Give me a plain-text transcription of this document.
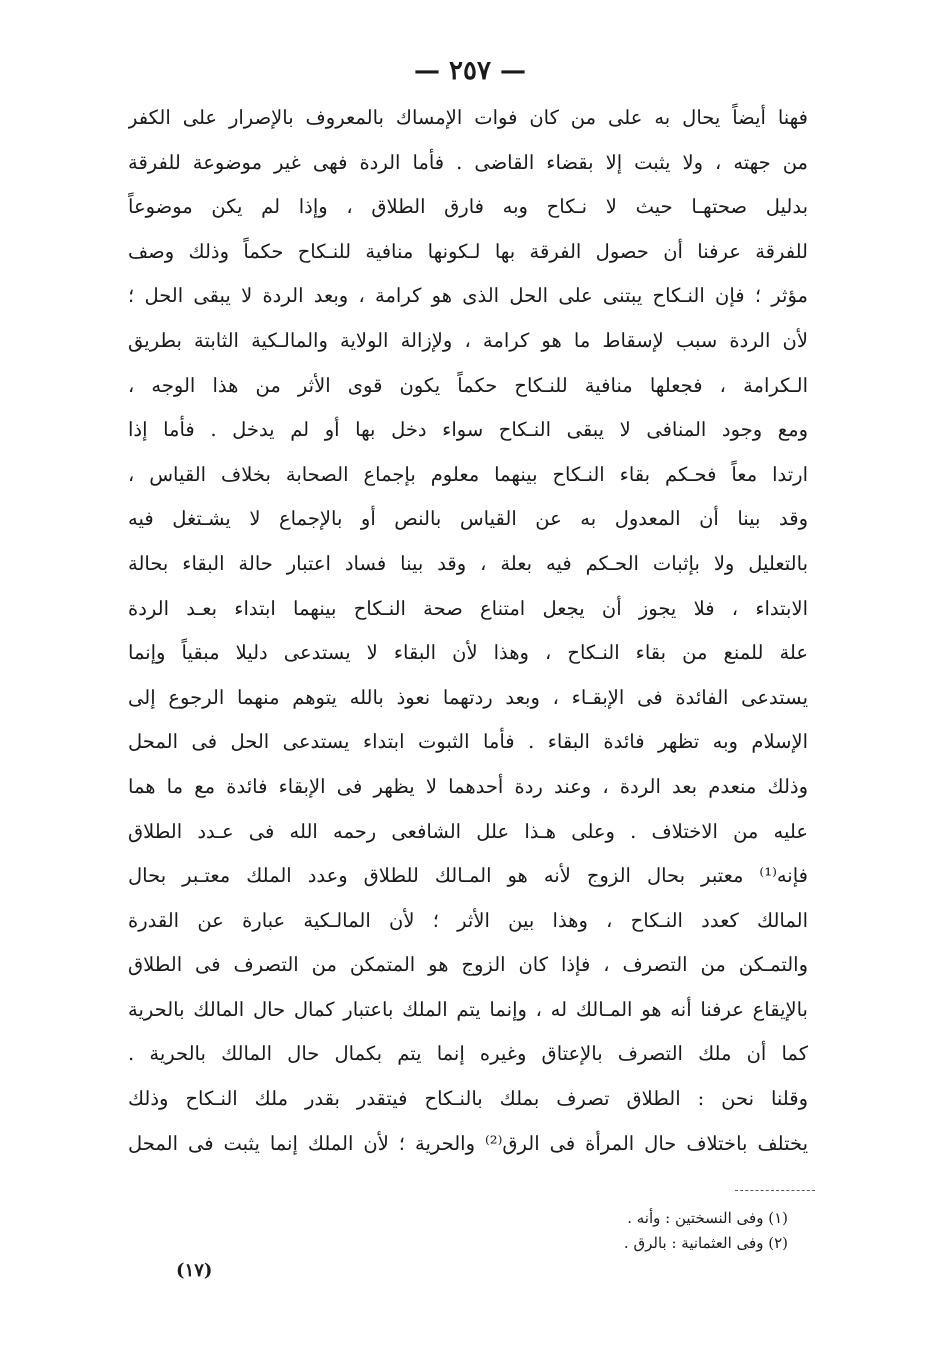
— ٢٥٧ —
فهنا أيضاً يحال به على من كان فوات الإمساك بالمعروف بالإصرار على الكفر
من جهته ، ولا يثبت إلا بقضاء القاضى . فأما الردة فهى غير موضوعة للفرقة
بدليل صحتهـا حيث لا نـكاح وبه فارق الطلاق ، وإذا لم يكن موضوعاً
للفرقة عرفنا أن حصول الفرقة بها لـكونها منافية للنـكاح حكماً وذلك وصف
مؤثر ؛ فإن النـكاح يبتنى على الحل الذى هو كرامة ، وبعد الردة لا يبقى الحل ؛
لأن الردة سبب لإسقاط ما هو كرامة ، ولإزالة الولاية والمالـكية الثابتة بطريق
الـكرامة ، فجعلها منافية للنـكاح حكماً يكون قوى الأثر من هذا الوجه ،
ومع وجود المنافى لا يبقى النـكاح سواء دخل بها أو لم يدخل . فأما إذا
ارتدا معاً فحـكم بقاء النـكاح بينهما معلوم بإجماع الصحابة بخلاف القياس ،
وقد بينا أن المعدول به عن القياس بالنص أو بالإجماع لا يشـتغل فيه
بالتعليل ولا بإثبات الحـكم فيه بعلة ، وقد بينا فساد اعتبار حالة البقاء بحالة
الابتداء ، فلا يجوز أن يجعل امتناع صحة النـكاح بينهما ابتداء بعـد الردة
علة للمنع من بقاء النـكاح ، وهذا لأن البقاء لا يستدعى دليلا مبقياً وإنما
يستدعى الفائدة فى الإبقـاء ، وبعد ردتهما نعوذ بالله يتوهم منهما الرجوع إلى
الإسلام وبه تظهر فائدة البقاء . فأما الثبوت ابتداء يستدعى الحل فى المحل
وذلك منعدم بعد الردة ، وعند ردة أحدهما لا يظهر فى الإبقاء فائدة مع ما هما
عليه من الاختلاف . وعلى هـذا علل الشافعى رحمه الله فى عـدد الطلاق
فإنه⁽¹⁾ معتبر بحال الزوج لأنه هو المـالك للطلاق وعدد الملك معتـبر بحال
المالك كعدد النـكاح ، وهذا بين الأثر ؛ لأن المالـكية عبارة عن القدرة
والتمـكن من التصرف ، فإذا كان الزوج هو المتمكن من التصرف فى الطلاق
بالإيقاع عرفنا أنه هو المـالك له ، وإنما يتم الملك باعتبار كمال حال المالك بالحرية
كما أن ملك التصرف بالإعتاق وغيره إنما يتم بكمال حال المالك بالحرية .
وقلنا نحن : الطلاق تصرف بملك بالنـكاح فيتقدر بقدر ملك النـكاح وذلك
يختلف باختلاف حال المرأة فى الرق⁽²⁾ والحرية ؛ لأن الملك إنما يثبت فى المحل
(١) وفى النسختين : وأنه .
(٢) وفى العثمانية : بالرق .
(١٧)
